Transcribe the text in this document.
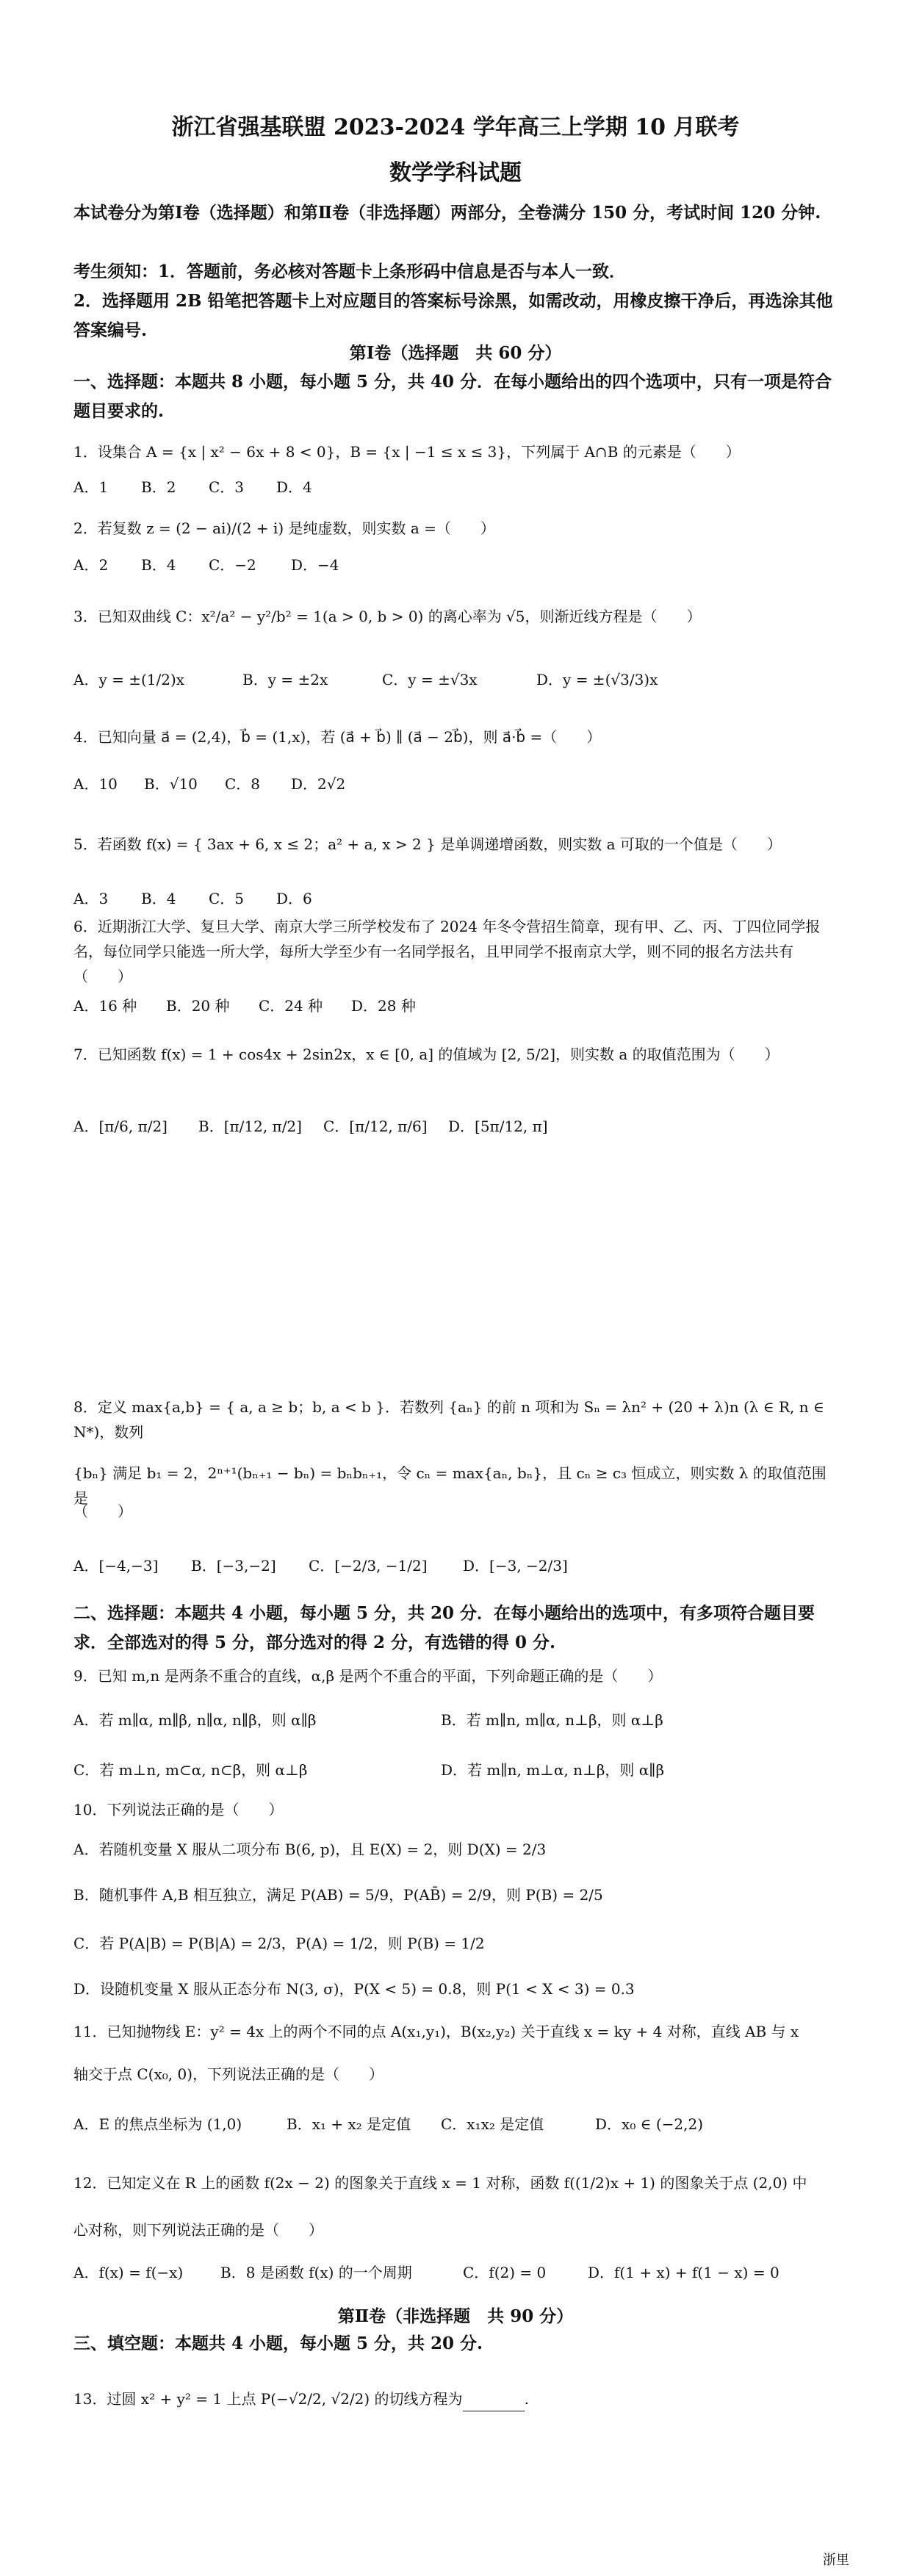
浙江省强基联盟 2023-2024 学年高三上学期 10 月联考
数学学科试题
本试卷分为第Ⅰ卷（选择题）和第Ⅱ卷（非选择题）两部分，全卷满分 150 分，考试时间 120 分钟.
考生须知：1．答题前，务必核对答题卡上条形码中信息是否与本人一致．
2．选择题用 2B 铅笔把答题卡上对应题目的答案标号涂黑，如需改动，用橡皮擦干净后，再选涂其他答案编号.
第Ⅰ卷（选择题　共 60 分）
一、选择题：本题共 8 小题，每小题 5 分，共 40 分．在每小题给出的四个选项中，只有一项是符合题目要求的.
1．设集合 A = {x | x² − 6x + 8 < 0}，B = {x | −1 ≤ x ≤ 3}，下列属于 A∩B 的元素是（　　）
A．1 B．2 C．3 D．4
2．若复数 z = (2 − ai)/(2 + i) 是纯虚数，则实数 a =（　　）
A．2 B．4 C．−2 D．−4
3．已知双曲线 C：x²/a² − y²/b² = 1(a > 0, b > 0) 的离心率为 √5，则渐近线方程是（　　）
A．y = ±(1/2)x	B．y = ±2x	C．y = ±√3x	D．y = ±(√3/3)x
4．已知向量 a⃗ = (2,4)，b⃗ = (1,x)，若 (a⃗ + b⃗) ∥ (a⃗ − 2b⃗)，则 a⃗·b⃗ =（　　）
A．10 B．√10 C．8 D．2√2
5．若函数 f(x) = { 3ax + 6, x ≤ 2；a² + a, x > 2 } 是单调递增函数，则实数 a 可取的一个值是（　　）
A．3 B．4 C．5 D．6
6．近期浙江大学、复旦大学、南京大学三所学校发布了 2024 年冬令营招生简章，现有甲、乙、丙、丁四位同学报名，每位同学只能选一所大学，每所大学至少有一名同学报名，且甲同学不报南京大学，则不同的报名方法共有（　　）
A．16 种 B．20 种 C．24 种 D．28 种
7．已知函数 f(x) = 1 + cos4x + 2sin2x，x ∈ [0, a] 的值域为 [2, 5/2]，则实数 a 的取值范围为（　　）
A．[π/6, π/2] B．[π/12, π/2] C．[π/12, π/6] D．[5π/12, π]
8．定义 max{a,b} = { a, a ≥ b；b, a < b }．若数列 {aₙ} 的前 n 项和为 Sₙ = λn² + (20 + λ)n (λ ∈ R, n ∈ N*)，数列
{bₙ} 满足 b₁ = 2，2ⁿ⁺¹(bₙ₊₁ − bₙ) = bₙbₙ₊₁，令 cₙ = max{aₙ, bₙ}，且 cₙ ≥ c₃ 恒成立，则实数 λ 的取值范围是
（　　）
A．[−4,−3] B．[−3,−2] C．[−2/3, −1/2] D．[−3, −2/3]
二、选择题：本题共 4 小题，每小题 5 分，共 20 分．在每小题给出的选项中，有多项符合题目要求．全部选对的得 5 分，部分选对的得 2 分，有选错的得 0 分.
9．已知 m,n 是两条不重合的直线，α,β 是两个不重合的平面，下列命题正确的是（　　）
A．若 m∥α, m∥β, n∥α, n∥β，则 α∥β	B．若 m∥n, m∥α, n⊥β，则 α⊥β
C．若 m⊥n, m⊂α, n⊂β，则 α⊥β	D．若 m∥n, m⊥α, n⊥β，则 α∥β
10．下列说法正确的是（　　）
A．若随机变量 X 服从二项分布 B(6, p)，且 E(X) = 2，则 D(X) = 2/3
B．随机事件 A,B 相互独立，满足 P(AB) = 5/9，P(AB̄) = 2/9，则 P(B) = 2/5
C．若 P(A|B) = P(B|A) = 2/3，P(A) = 1/2，则 P(B) = 1/2
D．设随机变量 X 服从正态分布 N(3, σ)，P(X < 5) = 0.8，则 P(1 < X < 3) = 0.3
11．已知抛物线 E：y² = 4x 上的两个不同的点 A(x₁,y₁)，B(x₂,y₂) 关于直线 x = ky + 4 对称，直线 AB 与 x
轴交于点 C(x₀, 0)，下列说法正确的是（　　）
A．E 的焦点坐标为 (1,0)	B．x₁ + x₂ 是定值 C．x₁x₂ 是定值	D．x₀ ∈ (−2,2)
12．已知定义在 R 上的函数 f(2x − 2) 的图象关于直线 x = 1 对称，函数 f((1/2)x + 1) 的图象关于点 (2,0) 中
心对称，则下列说法正确的是（　　）
A．f(x) = f(−x)	B．8 是函数 f(x) 的一个周期	C．f(2) = 0	D．f(1 + x) + f(1 − x) = 0
第Ⅱ卷（非选择题　共 90 分）
三、填空题：本题共 4 小题，每小题 5 分，共 20 分.
13．过圆 x² + y² = 1 上点 P(−√2/2, √2/2) 的切线方程为	.
浙里
